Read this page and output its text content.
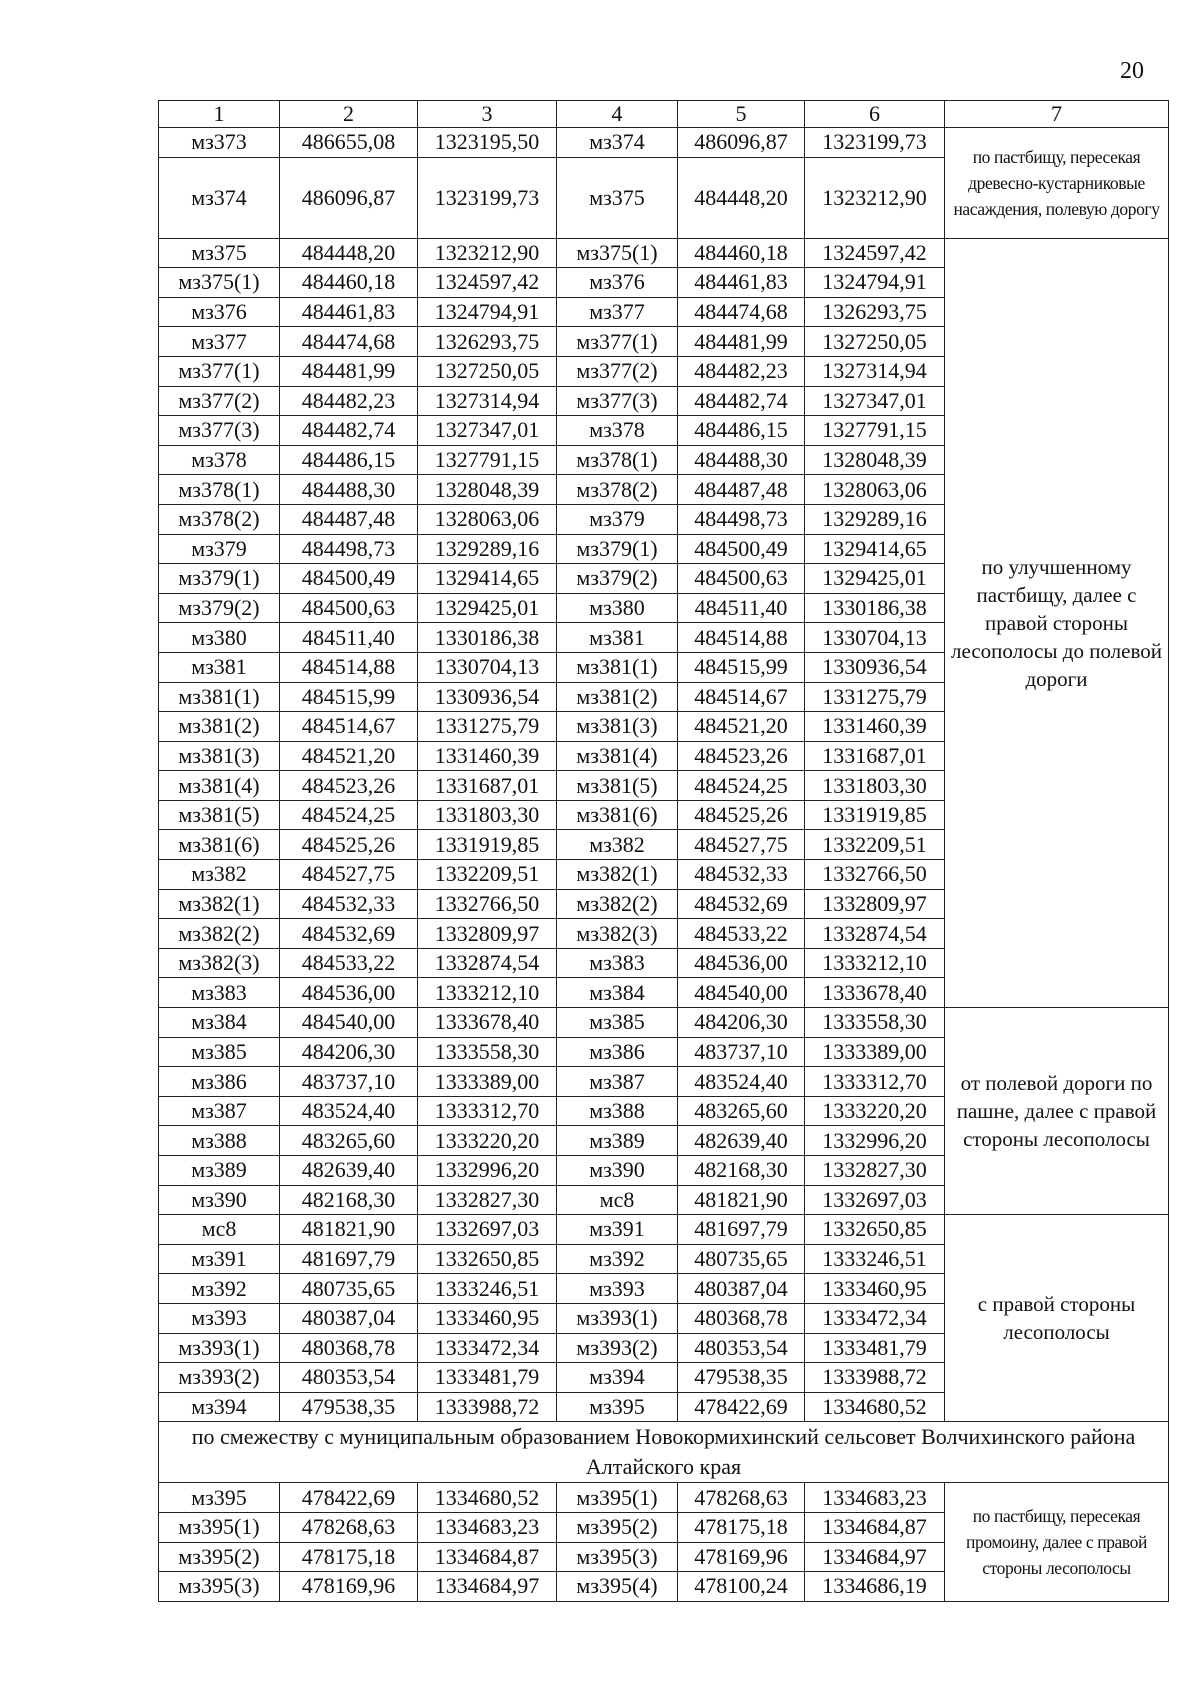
20
1	2	3	4	5	6	7
мз373	486655,08	1323195,50	мз374	486096,87	1323199,73	по пастбищу, пересекая древесно-кустарниковые насаждения, полевую дорогу
мз374	486096,87	1323199,73	мз375	484448,20	1323212,90	
мз375	484448,20	1323212,90	мз375(1)	484460,18	1324597,42	по улучшенному пастбищу, далее с правой стороны лесополосы до полевой дороги
мз375(1)	484460,18	1324597,42	мз376	484461,83	1324794,91	
мз376	484461,83	1324794,91	мз377	484474,68	1326293,75	
мз377	484474,68	1326293,75	мз377(1)	484481,99	1327250,05	
мз377(1)	484481,99	1327250,05	мз377(2)	484482,23	1327314,94	
мз377(2)	484482,23	1327314,94	мз377(3)	484482,74	1327347,01	
мз377(3)	484482,74	1327347,01	мз378	484486,15	1327791,15	
мз378	484486,15	1327791,15	мз378(1)	484488,30	1328048,39	
мз378(1)	484488,30	1328048,39	мз378(2)	484487,48	1328063,06	
мз378(2)	484487,48	1328063,06	мз379	484498,73	1329289,16	
мз379	484498,73	1329289,16	мз379(1)	484500,49	1329414,65	
мз379(1)	484500,49	1329414,65	мз379(2)	484500,63	1329425,01	
мз379(2)	484500,63	1329425,01	мз380	484511,40	1330186,38	
мз380	484511,40	1330186,38	мз381	484514,88	1330704,13	
мз381	484514,88	1330704,13	мз381(1)	484515,99	1330936,54	
мз381(1)	484515,99	1330936,54	мз381(2)	484514,67	1331275,79	
мз381(2)	484514,67	1331275,79	мз381(3)	484521,20	1331460,39	
мз381(3)	484521,20	1331460,39	мз381(4)	484523,26	1331687,01	
мз381(4)	484523,26	1331687,01	мз381(5)	484524,25	1331803,30	
мз381(5)	484524,25	1331803,30	мз381(6)	484525,26	1331919,85	
мз381(6)	484525,26	1331919,85	мз382	484527,75	1332209,51	
мз382	484527,75	1332209,51	мз382(1)	484532,33	1332766,50	
мз382(1)	484532,33	1332766,50	мз382(2)	484532,69	1332809,97	
мз382(2)	484532,69	1332809,97	мз382(3)	484533,22	1332874,54	
мз382(3)	484533,22	1332874,54	мз383	484536,00	1333212,10	
мз383	484536,00	1333212,10	мз384	484540,00	1333678,40	
мз384	484540,00	1333678,40	мз385	484206,30	1333558,30	от полевой дороги по пашне, далее с правой стороны лесополосы
мз385	484206,30	1333558,30	мз386	483737,10	1333389,00	
мз386	483737,10	1333389,00	мз387	483524,40	1333312,70	
мз387	483524,40	1333312,70	мз388	483265,60	1333220,20	
мз388	483265,60	1333220,20	мз389	482639,40	1332996,20	
мз389	482639,40	1332996,20	мз390	482168,30	1332827,30	
мз390	482168,30	1332827,30	мс8	481821,90	1332697,03	
мс8	481821,90	1332697,03	мз391	481697,79	1332650,85	с правой стороны лесополосы
мз391	481697,79	1332650,85	мз392	480735,65	1333246,51	
мз392	480735,65	1333246,51	мз393	480387,04	1333460,95	
мз393	480387,04	1333460,95	мз393(1)	480368,78	1333472,34	
мз393(1)	480368,78	1333472,34	мз393(2)	480353,54	1333481,79	
мз393(2)	480353,54	1333481,79	мз394	479538,35	1333988,72	
мз394	479538,35	1333988,72	мз395	478422,69	1334680,52	
по смежеству с муниципальным образованием Новокормихинский сельсовет Волчихинского района Алтайского края						
мз395	478422,69	1334680,52	мз395(1)	478268,63	1334683,23	по пастбищу, пересекая промоину, далее с правой стороны лесополосы
мз395(1)	478268,63	1334683,23	мз395(2)	478175,18	1334684,87	
мз395(2)	478175,18	1334684,87	мз395(3)	478169,96	1334684,97	
мз395(3)	478169,96	1334684,97	мз395(4)	478100,24	1334686,19	
